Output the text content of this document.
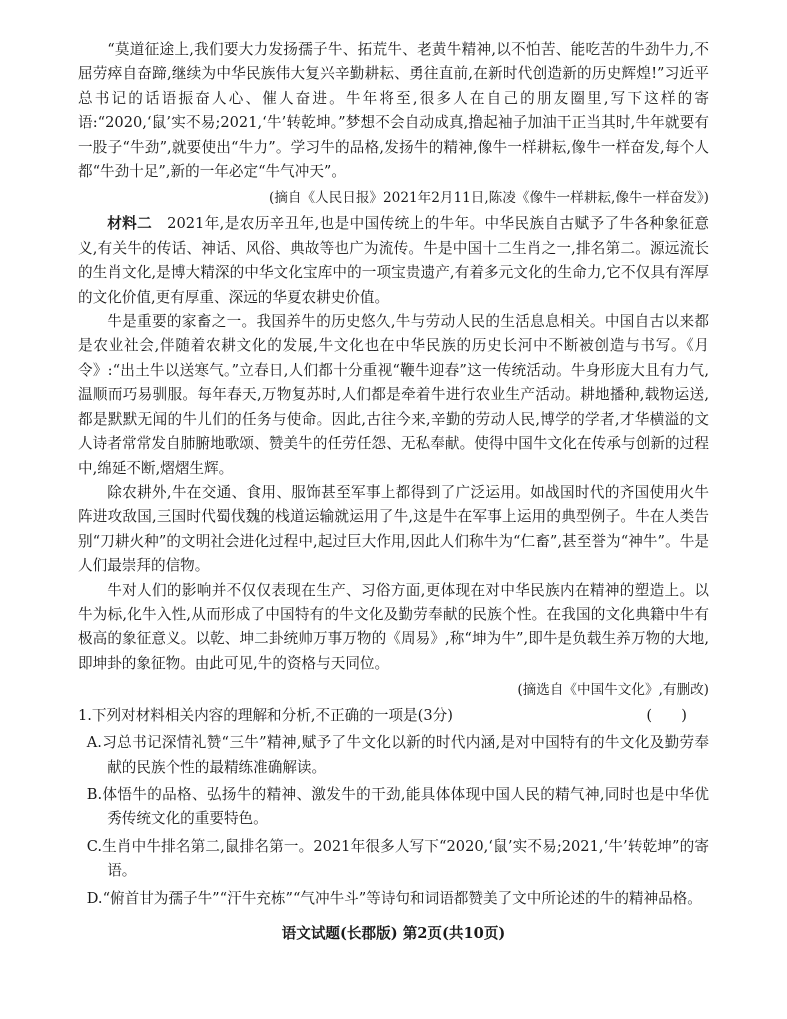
“莫道征途上,我们要大力发扬孺子牛、拓荒牛、老黄牛精神,以不怕苦、能吃苦的牛劲牛力,不屈劳瘁自奋蹄,继续为中华民族伟大复兴辛勤耕耘、勇往直前,在新时代创造新的历史辉煌!”习近平总书记的话语振奋人心、催人奋进。牛年将至,很多人在自己的朋友圈里,写下这样的寄语:“2020,‘鼠’实不易;2021,‘牛’转乾坤。”梦想不会自动成真,撸起袖子加油干正当其时,牛年就要有一股子“牛劲”,就要使出“牛力”。学习牛的品格,发扬牛的精神,像牛一样耕耘,像牛一样奋发,每个人都“牛劲十足”,新的一年必定“牛气冲天”。

(摘自《人民日报》2021年2月11日,陈凌《像牛一样耕耘,像牛一样奋发》)

材料二　 2021年,是农历辛丑年,也是中国传统上的牛年。中华民族自古赋予了牛各种象征意义,有关牛的传话、神话、风俗、典故等也广为流传。牛是中国十二生肖之一,排名第二。源远流长的生肖文化,是博大精深的中华文化宝库中的一项宝贵遗产,有着多元文化的生命力,它不仅具有浑厚的文化价值,更有厚重、深远的华夏农耕史价值。

牛是重要的家畜之一。我国养牛的历史悠久,牛与劳动人民的生活息息相关。中国自古以来都是农业社会,伴随着农耕文化的发展,牛文化也在中华民族的历史长河中不断被创造与书写。《月令》:“出土牛以送寒气。”立春日,人们都十分重视“鞭牛迎春”这一传统活动。牛身形庞大且有力气,温顺而巧易驯服。每年春天,万物复苏时,人们都是牵着牛进行农业生产活动。耕地播种,载物运送,都是默默无闻的牛儿们的任务与使命。因此,古往今来,辛勤的劳动人民,博学的学者,才华横溢的文人诗者常常发自肺腑地歌颂、赞美牛的任劳任怨、无私奉献。使得中国牛文化在传承与创新的过程中,绵延不断,熠熠生辉。

除农耕外,牛在交通、食用、服饰甚至军事上都得到了广泛运用。如战国时代的齐国使用火牛阵进攻敌国,三国时代蜀伐魏的栈道运输就运用了牛,这是牛在军事上运用的典型例子。牛在人类告别“刀耕火种”的文明社会进化过程中,起过巨大作用,因此人们称牛为“仁畜”,甚至誉为“神牛”。牛是人们最崇拜的信物。

牛对人们的影响并不仅仅表现在生产、习俗方面,更体现在对中华民族内在精神的塑造上。以牛为标,化牛入性,从而形成了中国特有的牛文化及勤劳奉献的民族个性。在我国的文化典籍中牛有极高的象征意义。以乾、坤二卦统帅万事万物的《周易》,称“坤为牛”,即牛是负载生养万物的大地,即坤卦的象征物。由此可见,牛的资格与天同位。

(摘选自《中国牛文化》,有删改)

1.下列对材料相关内容的理解和分析,不正确的一项是(3分)	(　　)

A.习总书记深情礼赞“三牛”精神,赋予了牛文化以新的时代内涵,是对中国特有的牛文化及勤劳奉献的民族个性的最精练准确解读。

B.体悟牛的品格、弘扬牛的精神、激发牛的干劲,能具体体现中国人民的精气神,同时也是中华优秀传统文化的重要特色。

C.生肖中牛排名第二,鼠排名第一。2021年很多人写下“2020,‘鼠’实不易;2021,‘牛’转乾坤”的寄语。

D.“俯首甘为孺子牛”“汗牛充栋”“气冲牛斗”等诗句和词语都赞美了文中所论述的牛的精神品格。

语文试题(长郡版) 第2页(共10页)
